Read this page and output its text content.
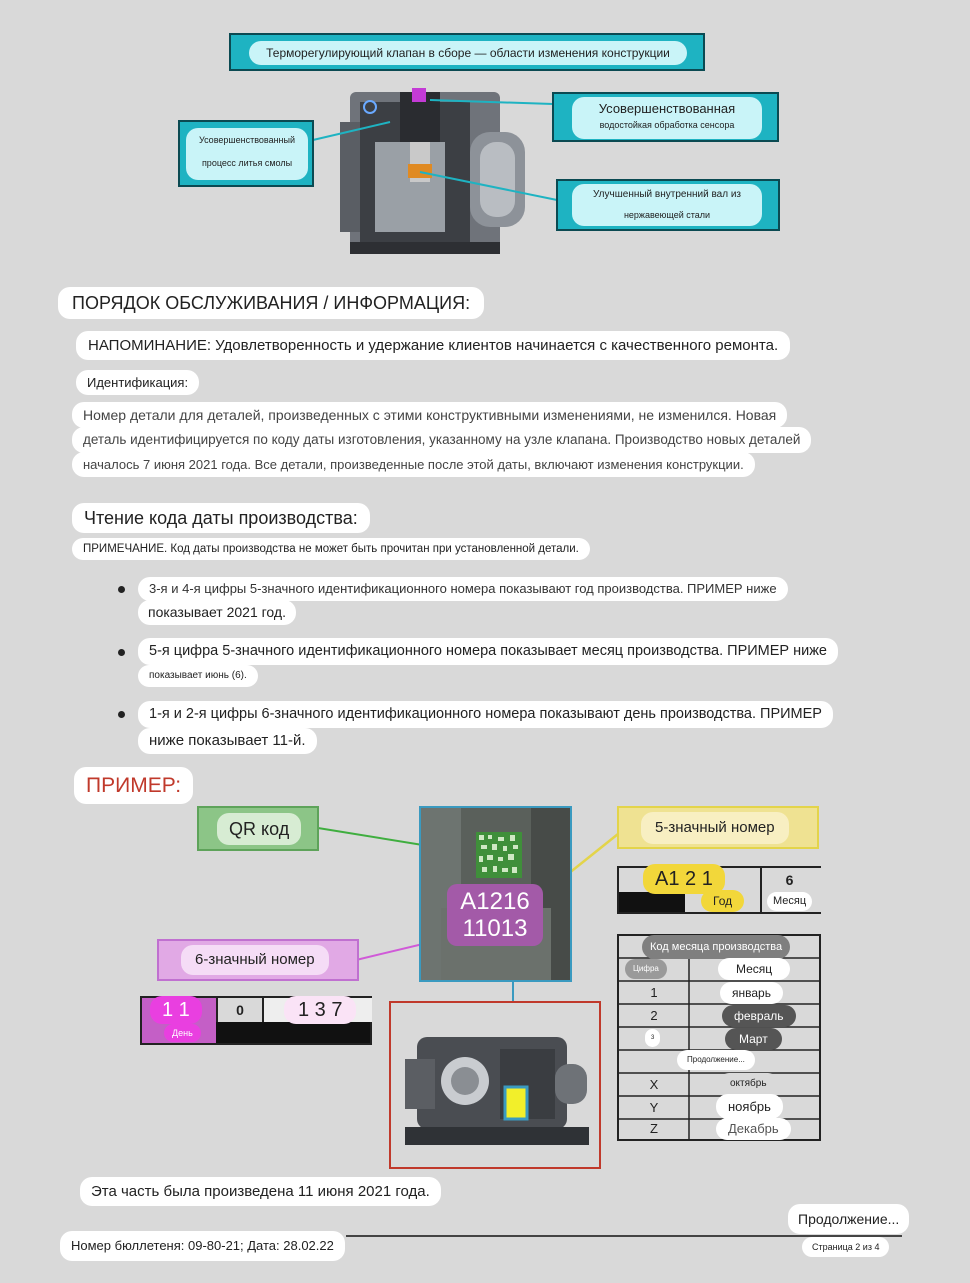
Терморегулирующий клапан в сборе — области изменения конструкции
Усовершенствованный
процесс литья смолы
Усовершенствованная
водостойкая обработка сенсора
Улучшенный внутренний вал из
нержавеющей стали
ПОРЯДОК ОБСЛУЖИВАНИЯ / ИНФОРМАЦИЯ:
НАПОМИНАНИЕ: Удовлетворенность и удержание клиентов начинается с качественного ремонта.
Идентификация:
Номер детали для деталей, произведенных с этими конструктивными изменениями, не изменился. Новая
деталь идентифицируется по коду даты изготовления, указанному на узле клапана. Производство новых деталей
началось 7 июня 2021 года. Все детали, произведенные после этой даты, включают изменения конструкции.
Чтение кода даты производства:
ПРИМЕЧАНИЕ. Код даты производства не может быть прочитан при установленной детали.
3-я и 4-я цифры 5-значного идентификационного номера показывают год производства. ПРИМЕР ниже
показывает 2021 год.
5-я цифра 5-значного идентификационного номера показывает месяц производства. ПРИМЕР ниже
показывает июнь (6).
1-я и 2-я цифры 6-значного идентификационного номера показывают день производства. ПРИМЕР
ниже показывает 11-й.
ПРИМЕР:
QR код
A1216
11013
5-значный номер
A1 2 1
Год
6
Месяц
6-значный номер
1 1
День
0	1 3 7
Код месяца производства
Цифра	Месяц
1	январь
2	февраль
3	Март
Продолжение...
X	октябрь
Y	ноябрь
Z	Декабрь
Эта часть была произведена 11 июня 2021 года.
Продолжение...
Номер бюллетеня: 09-80-21; Дата: 28.02.22	Страница 2 из 4
